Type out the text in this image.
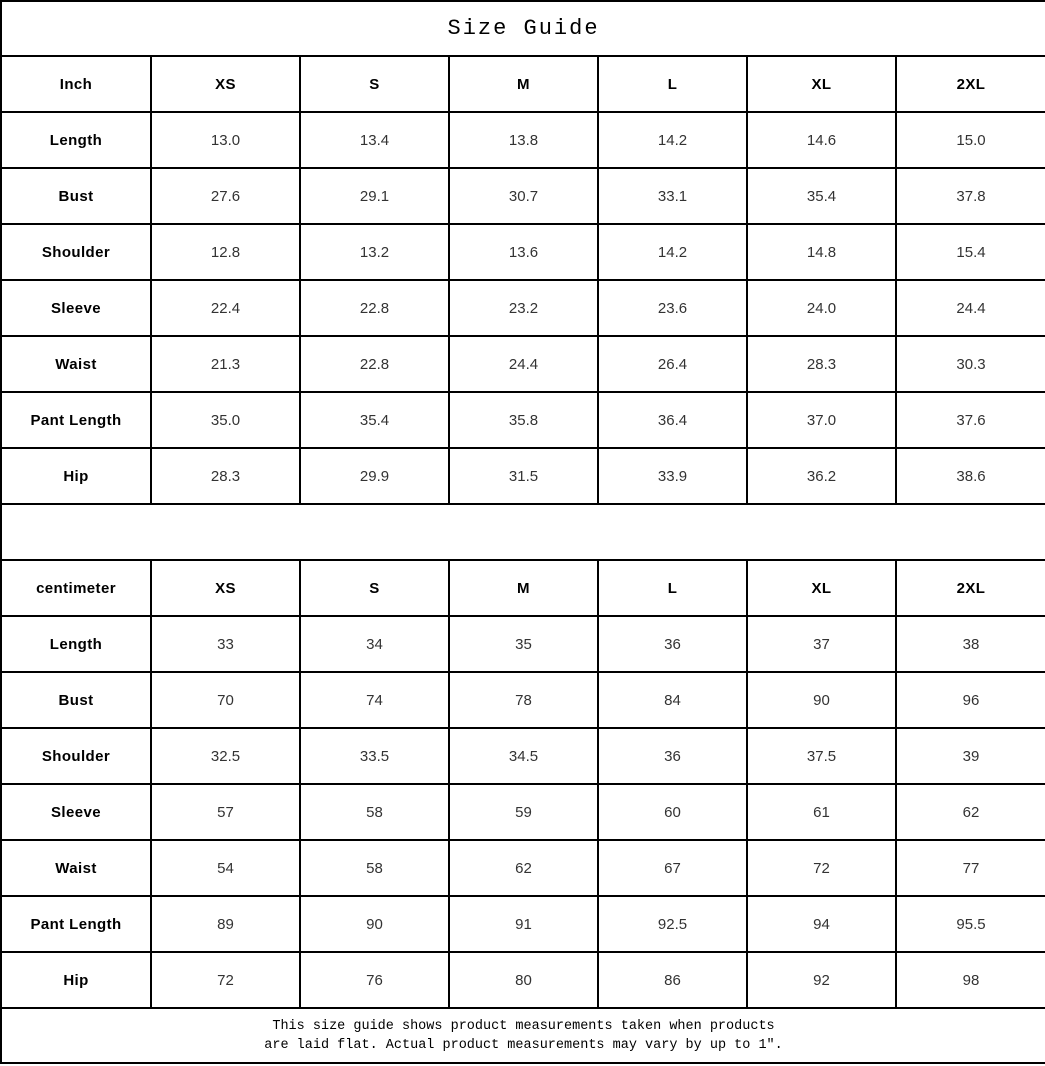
Size Guide						
Inch	XS	S	M	L	XL	2XL
Length	13.0	13.4	13.8	14.2	14.6	15.0
Bust	27.6	29.1	30.7	33.1	35.4	37.8
Shoulder	12.8	13.2	13.6	14.2	14.8	15.4
Sleeve	22.4	22.8	23.2	23.6	24.0	24.4
Waist	21.3	22.8	24.4	26.4	28.3	30.3
Pant Length	35.0	35.4	35.8	36.4	37.0	37.6
Hip	28.3	29.9	31.5	33.9	36.2	38.6

centimeter	XS	S	M	L	XL	2XL
Length	33	34	35	36	37	38
Bust	70	74	78	84	90	96
Shoulder	32.5	33.5	34.5	36	37.5	39
Sleeve	57	58	59	60	61	62
Waist	54	58	62	67	72	77
Pant Length	89	90	91	92.5	94	95.5
Hip	72	76	80	86	92	98

This size guide shows product measurements taken when products
are laid flat. Actual product measurements may vary by up to 1″.						
